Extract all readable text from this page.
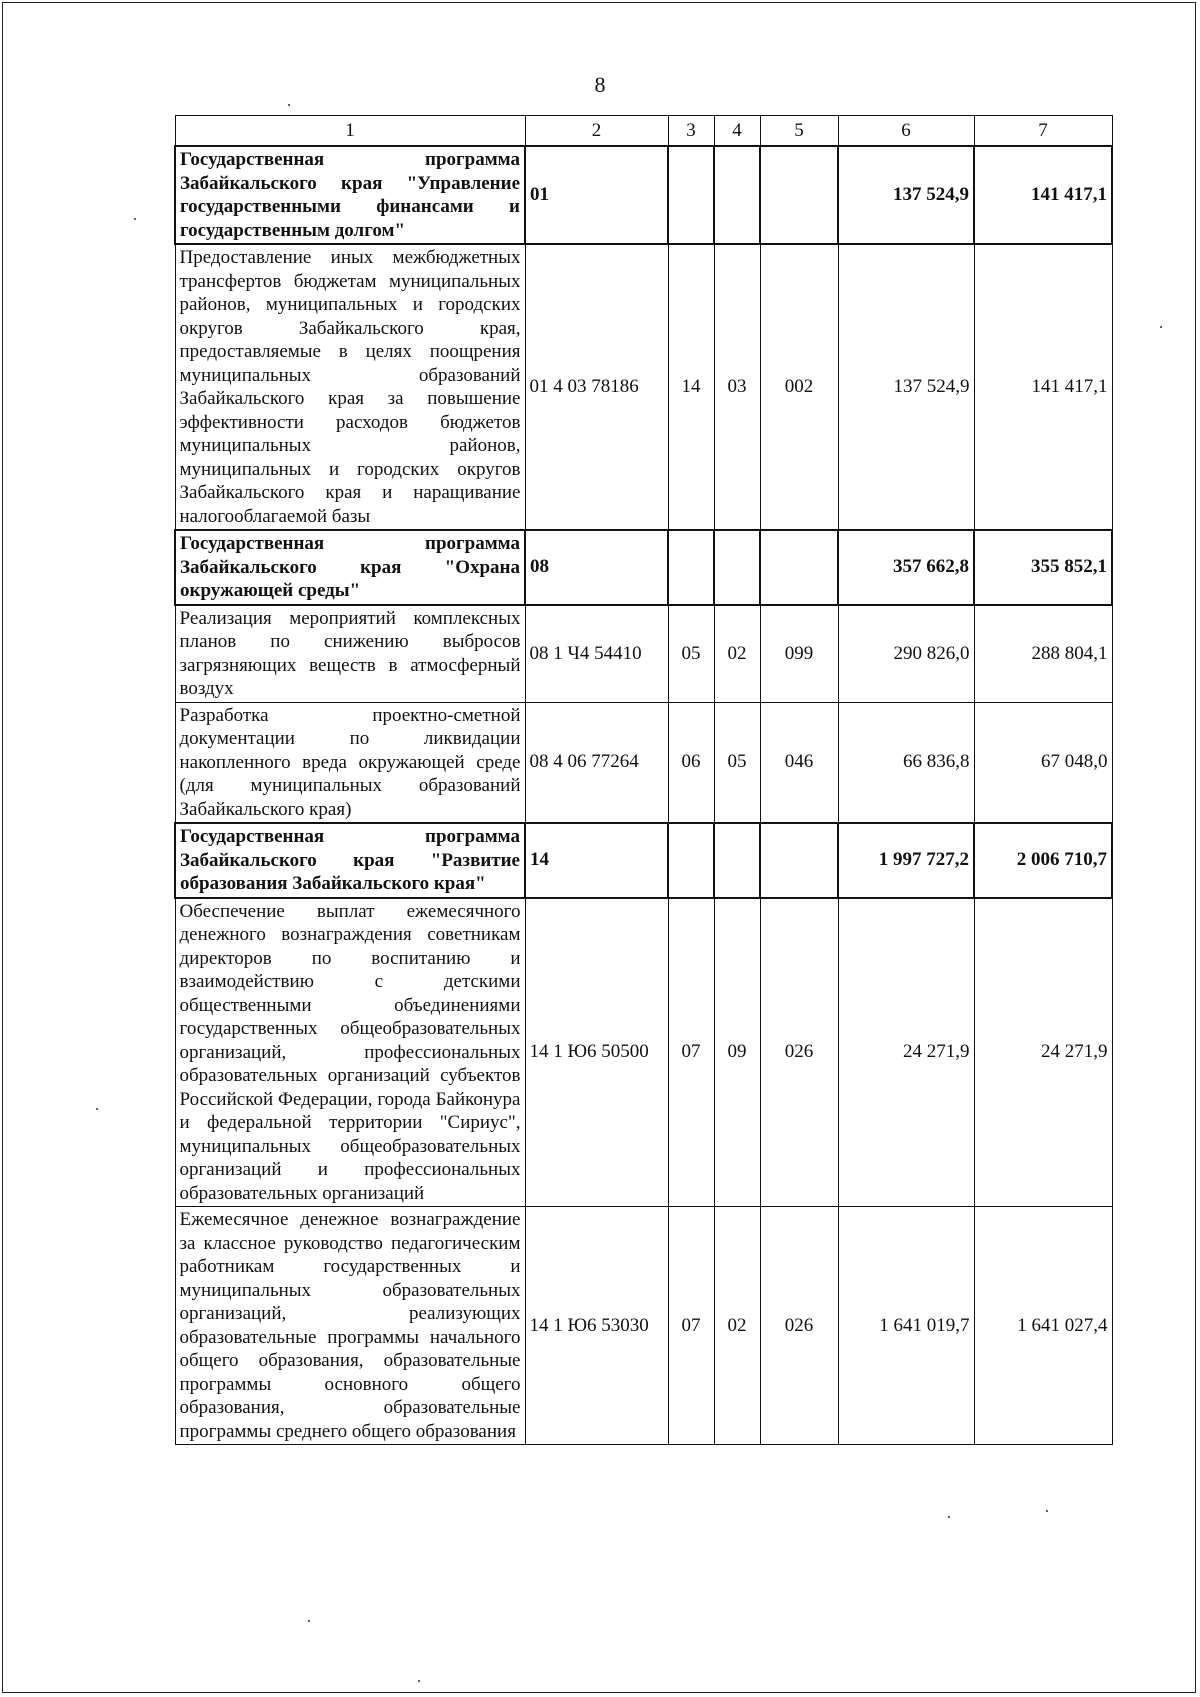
8
1	2	3	4	5	6	7
Государственная программа Забайкальского края "Управление государственными финансами и государственным долгом"	01				137 524,9	141 417,1
Предоставление иных межбюджетных трансфертов бюджетам муниципальных районов, муниципальных и городских округов Забайкальского края, предоставляемые в целях поощрения муниципальных образований Забайкальского края за повышение эффективности расходов бюджетов муниципальных районов, муниципальных и городских округов Забайкальского края и наращивание налогооблагаемой базы	01 4 03 78186	14	03	002	137 524,9	141 417,1
Государственная программа Забайкальского края "Охрана окружающей среды"	08				357 662,8	355 852,1
Реализация мероприятий комплексных планов по снижению выбросов загрязняющих веществ в атмосферный воздух	08 1 Ч4 54410	05	02	099	290 826,0	288 804,1
Разработка проектно-сметной документации по ликвидации накопленного вреда окружающей среде (для муниципальных образований Забайкальского края)	08 4 06 77264	06	05	046	66 836,8	67 048,0
Государственная программа Забайкальского края "Развитие образования Забайкальского края"	14				1 997 727,2	2 006 710,7
Обеспечение выплат ежемесячного денежного вознаграждения советникам директоров по воспитанию и взаимодействию с детскими общественными объединениями государственных общеобразовательных организаций, профессиональных образовательных организаций субъектов Российской Федерации, города Байконура и федеральной территории "Сириус", муниципальных общеобразовательных организаций и профессиональных образовательных организаций	14 1 Ю6 50500	07	09	026	24 271,9	24 271,9
Ежемесячное денежное вознаграждение за классное руководство педагогическим работникам государственных и муниципальных образовательных организаций, реализующих образовательные программы начального общего образования, образовательные программы основного общего образования, образовательные программы среднего общего образования	14 1 Ю6 53030	07	02	026	1 641 019,7	1 641 027,4
